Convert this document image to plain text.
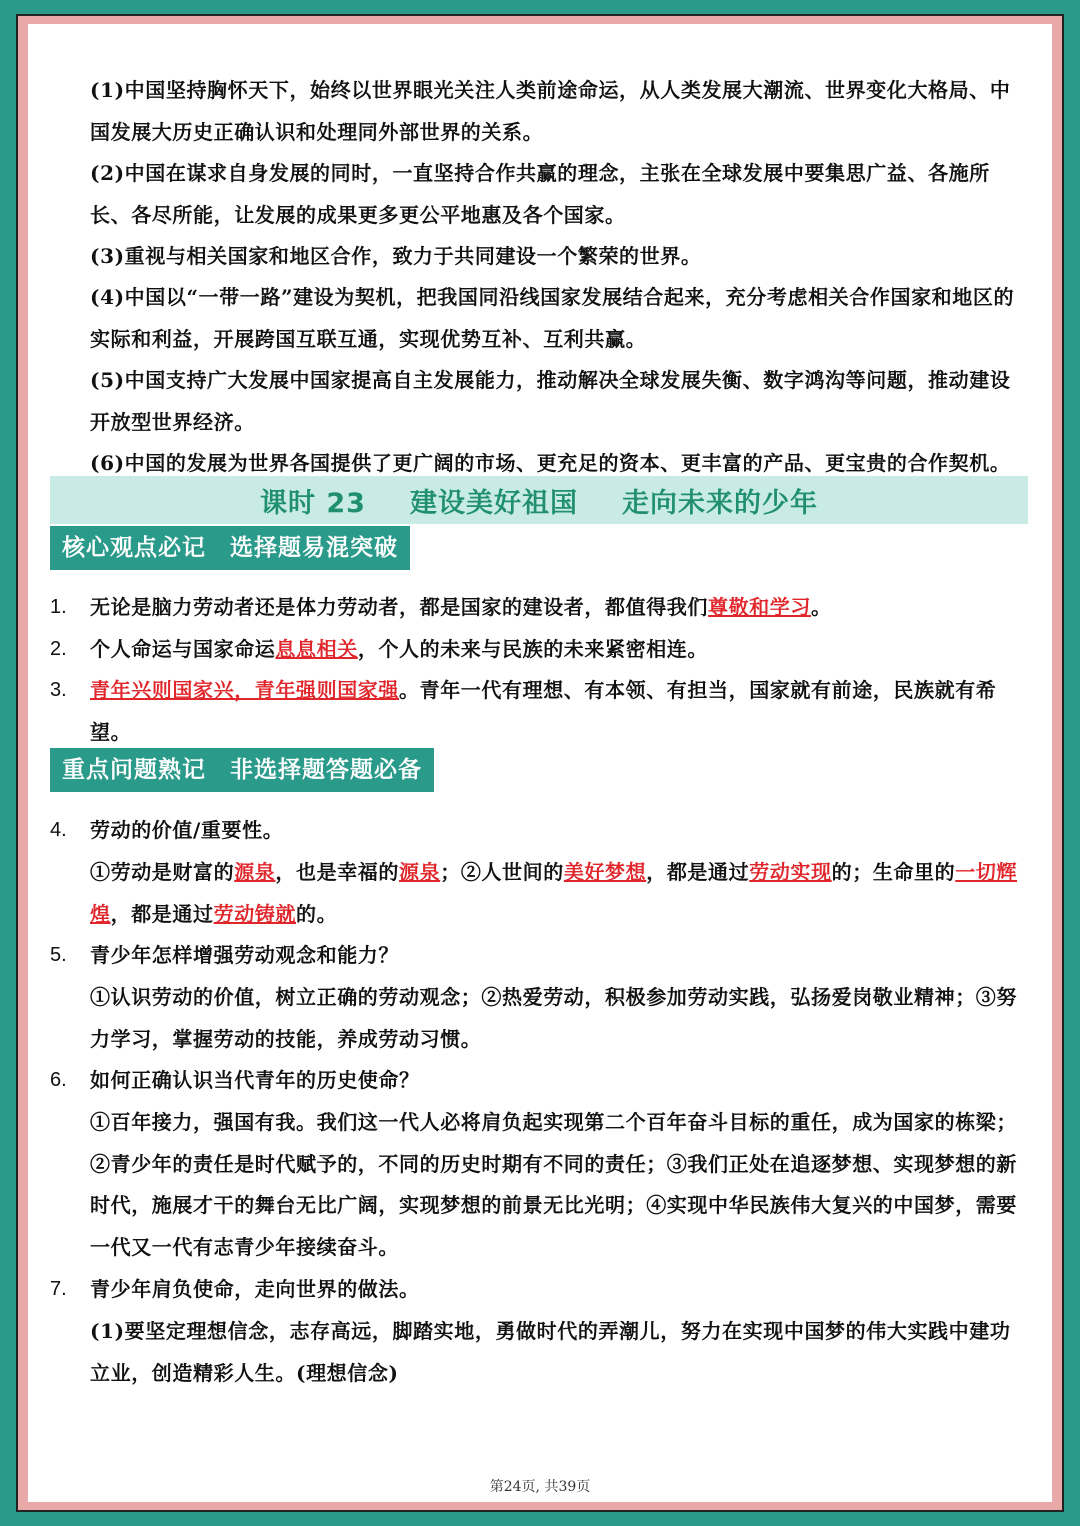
(1)中国坚持胸怀天下，始终以世界眼光关注人类前途命运，从人类发展大潮流、世界变化大格局、中国发展大历史正确认识和处理同外部世界的关系。

(2)中国在谋求自身发展的同时，一直坚持合作共赢的理念，主张在全球发展中要集思广益、各施所长、各尽所能，让发展的成果更多更公平地惠及各个国家。

(3)重视与相关国家和地区合作，致力于共同建设一个繁荣的世界。

(4)中国以“一带一路”建设为契机，把我国同沿线国家发展结合起来，充分考虑相关合作国家和地区的实际和利益，开展跨国互联互通，实现优势互补、互利共赢。

(5)中国支持广大发展中国家提高自主发展能力，推动解决全球发展失衡、数字鸿沟等问题，推动建设开放型世界经济。

(6)中国的发展为世界各国提供了更广阔的市场、更充足的资本、更丰富的产品、更宝贵的合作契机。

课时 23 建设美好祖国 走向未来的少年
核心观点必记 选择题易混突破
1. 无论是脑力劳动者还是体力劳动者，都是国家的建设者，都值得我们尊敬和学习。

2. 个人命运与国家命运息息相关，个人的未来与民族的未来紧密相连。

3. 青年兴则国家兴，青年强则国家强。青年一代有理想、有本领、有担当，国家就有前途，民族就有希望。

重点问题熟记 非选择题答题必备
4. 劳动的价值/重要性。

①劳动是财富的源泉，也是幸福的源泉；②人世间的美好梦想，都是通过劳动实现的；生命里的一切辉煌，都是通过劳动铸就的。

5. 青少年怎样增强劳动观念和能力？

①认识劳动的价值，树立正确的劳动观念；②热爱劳动，积极参加劳动实践，弘扬爱岗敬业精神；③努力学习，掌握劳动的技能，养成劳动习惯。

6. 如何正确认识当代青年的历史使命？

①百年接力，强国有我。我们这一代人必将肩负起实现第二个百年奋斗目标的重任，成为国家的栋梁；②青少年的责任是时代赋予的，不同的历史时期有不同的责任；③我们正处在追逐梦想、实现梦想的新时代，施展才干的舞台无比广阔，实现梦想的前景无比光明；④实现中华民族伟大复兴的中国梦，需要一代又一代有志青少年接续奋斗。

7. 青少年肩负使命，走向世界的做法。

(1)要坚定理想信念，志存高远，脚踏实地，勇做时代的弄潮儿，努力在实现中国梦的伟大实践中建功立业，创造精彩人生。(理想信念)

第24页, 共39页
